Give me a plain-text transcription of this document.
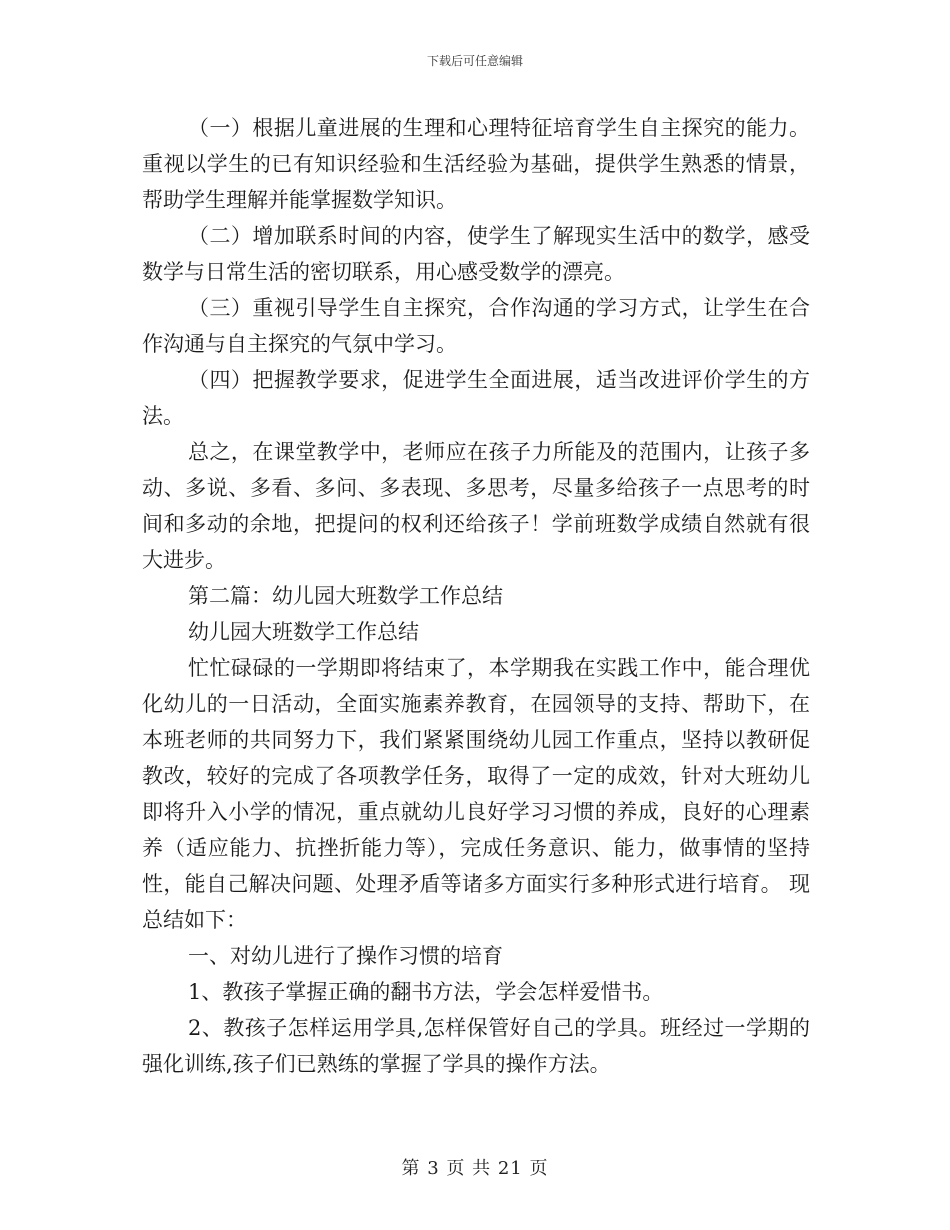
下载后可任意编辑

（一）根据儿童进展的生理和心理特征培育学生自主探究的能力。重视以学生的已有知识经验和生活经验为基础，提供学生熟悉的情景，帮助学生理解并能掌握数学知识。

（二）增加联系时间的内容，使学生了解现实生活中的数学，感受数学与日常生活的密切联系，用心感受数学的漂亮。

（三）重视引导学生自主探究，合作沟通的学习方式，让学生在合作沟通与自主探究的气氛中学习。

（四）把握教学要求，促进学生全面进展，适当改进评价学生的方法。

总之，在课堂教学中，老师应在孩子力所能及的范围内，让孩子多动、多说、多看、多问、多表现、多思考，尽量多给孩子一点思考的时间和多动的余地，把提问的权利还给孩子！学前班数学成绩自然就有很大进步。

第二篇：幼儿园大班数学工作总结

幼儿园大班数学工作总结

忙忙碌碌的一学期即将结束了，本学期我在实践工作中，能合理优化幼儿的一日活动，全面实施素养教育，在园领导的支持、帮助下，在本班老师的共同努力下，我们紧紧围绕幼儿园工作重点，坚持以教研促教改，较好的完成了各项教学任务，取得了一定的成效，针对大班幼儿即将升入小学的情况，重点就幼儿良好学习习惯的养成，良好的心理素养（适应能力、抗挫折能力等），完成任务意识、能力，做事情的坚持性，能自己解决问题、处理矛盾等诸多方面实行多种形式进行培育。 现总结如下：

一、对幼儿进行了操作习惯的培育

1、教孩子掌握正确的翻书方法，学会怎样爱惜书。

2、教孩子怎样运用学具,怎样保管好自己的学具。班经过一学期的强化训练,孩子们已熟练的掌握了学具的操作方法。

第 3 页 共 21 页
